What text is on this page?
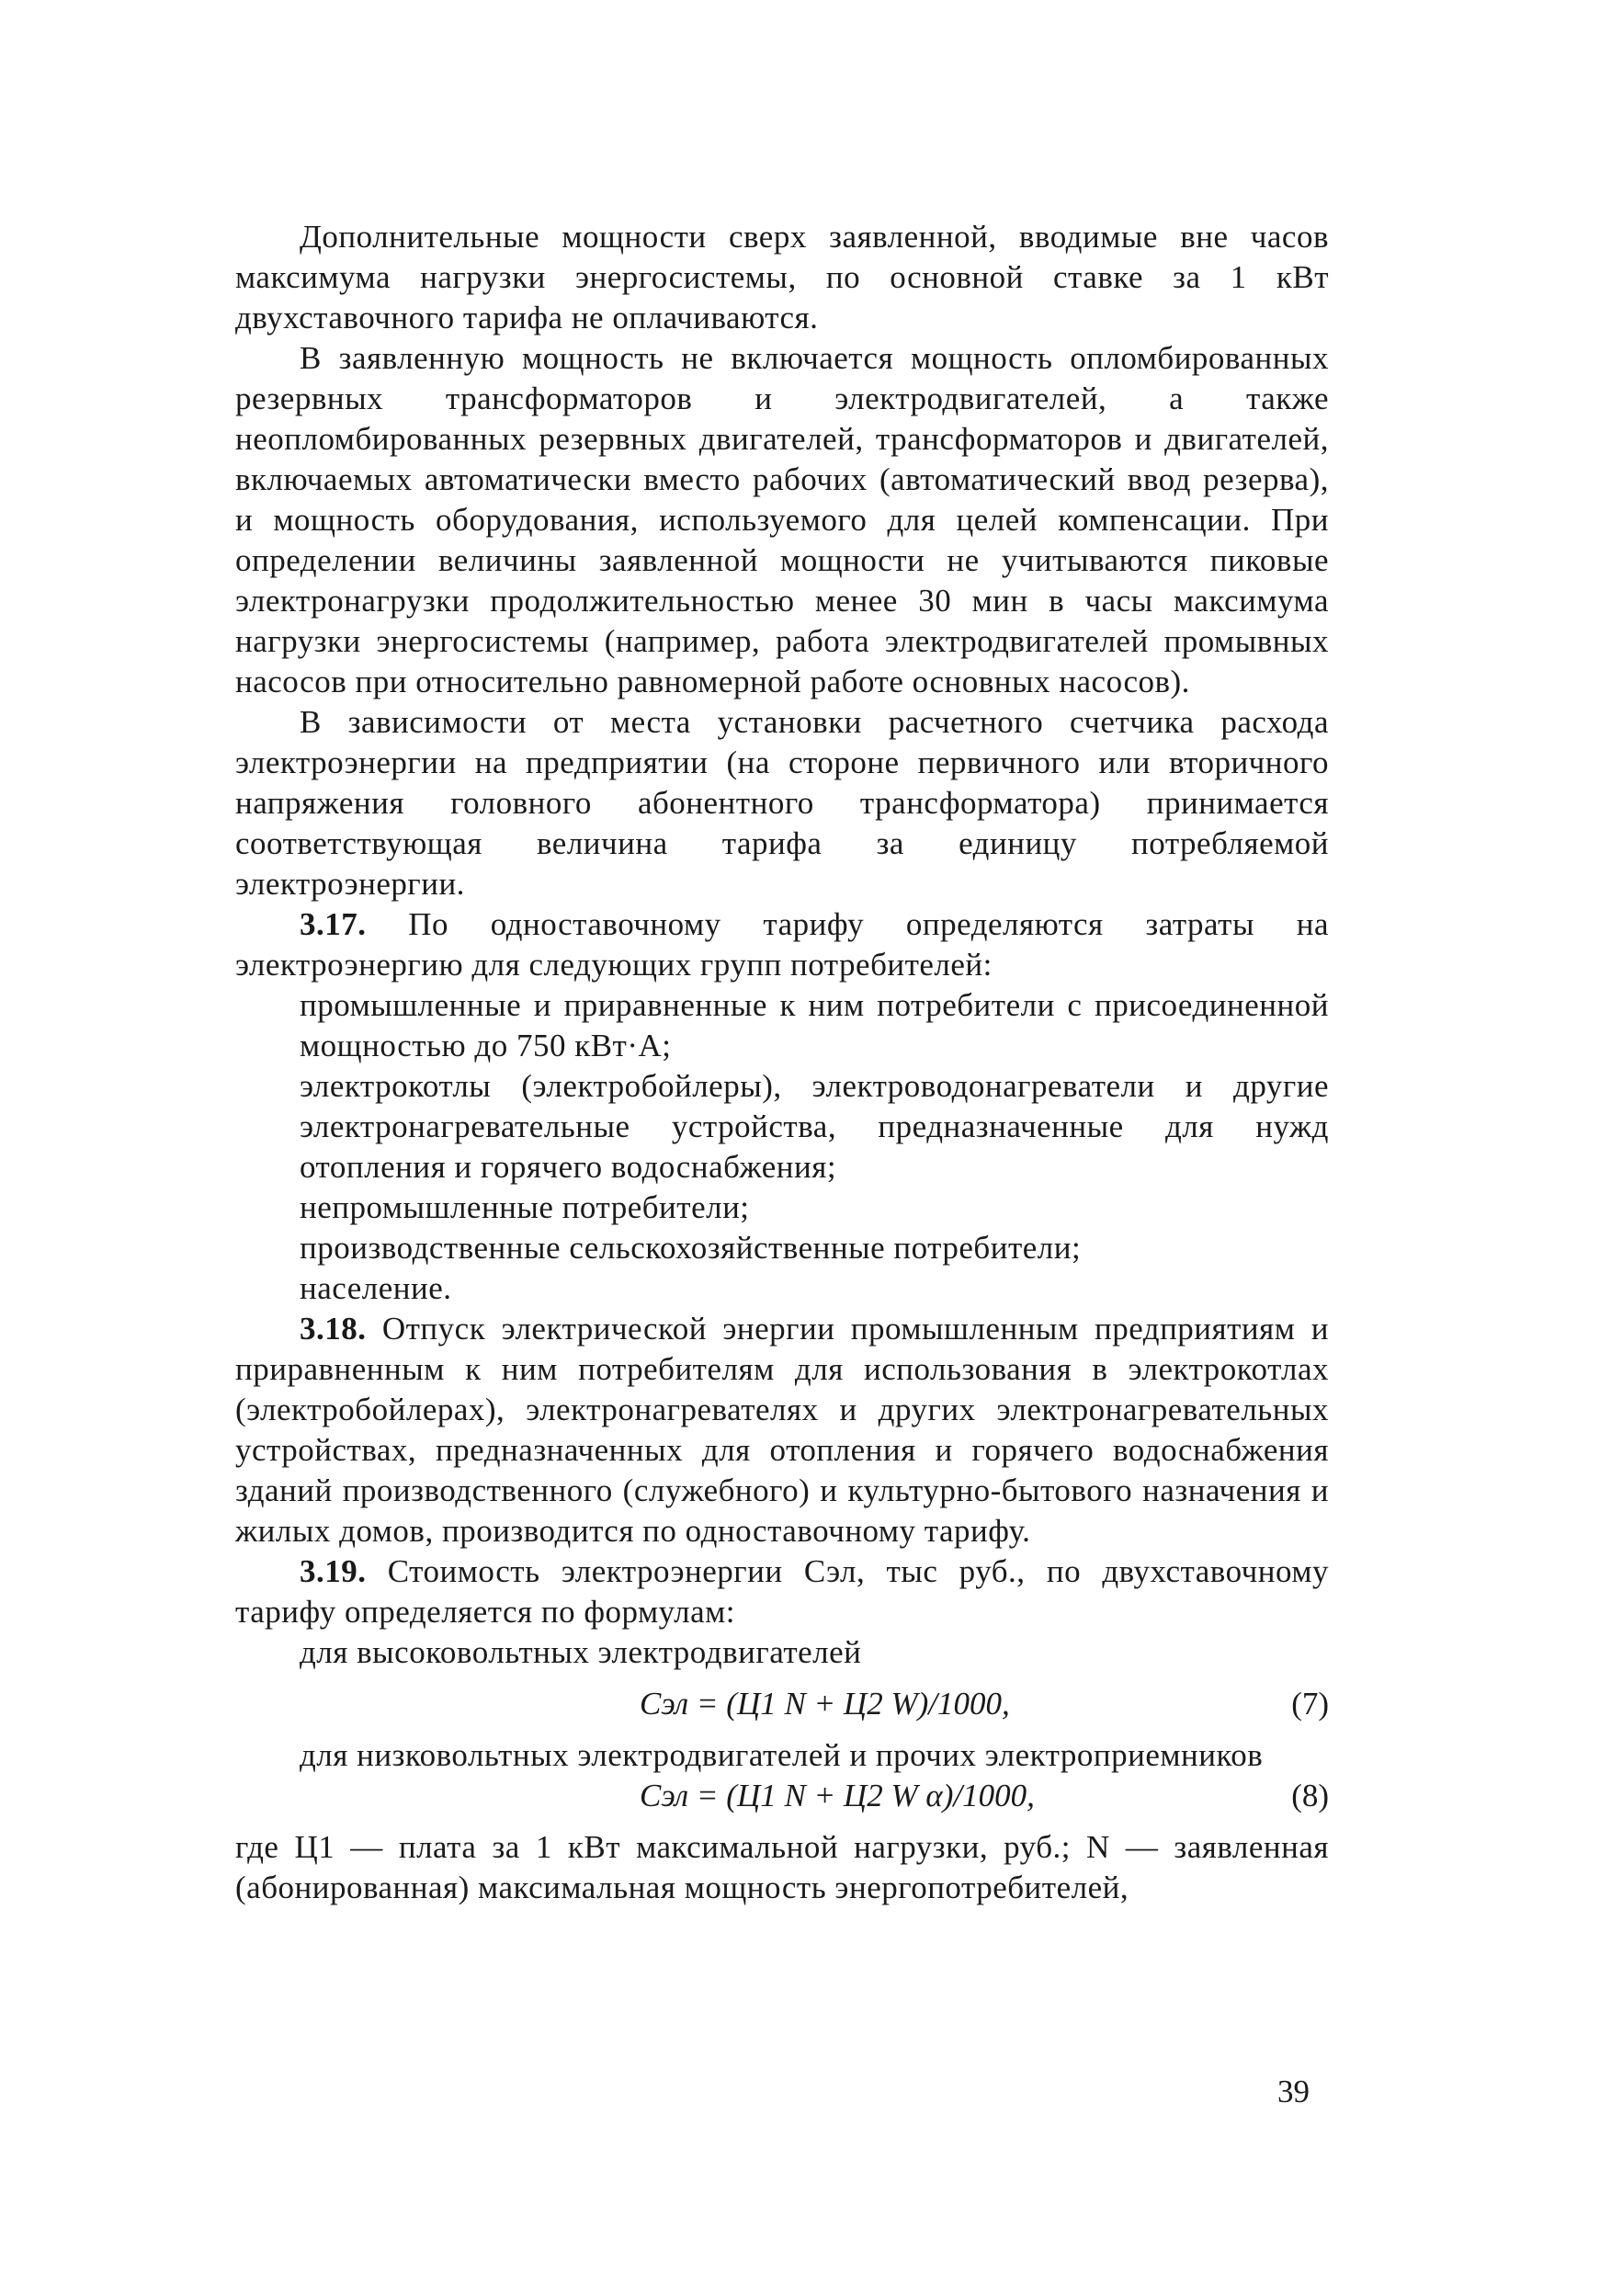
Дополнительные мощности сверх заявленной, вводимые вне часов максимума нагрузки энергосистемы, по основной ставке за 1 кВт двухставочного тарифа не оплачиваются.

В заявленную мощность не включается мощность опломбированных резервных трансформаторов и электродвигателей, а также неопломбированных резервных двигателей, трансформаторов и двигателей, включаемых автоматически вместо рабочих (автоматический ввод резерва), и мощность оборудования, используемого для целей компенсации. При определении величины заявленной мощности не учитываются пиковые электронагрузки продолжительностью менее 30 мин в часы максимума нагрузки энергосистемы (например, работа электродвигателей промывных насосов при относительно равномерной работе основных насосов).

В зависимости от места установки расчетного счетчика расхода электроэнергии на предприятии (на стороне первичного или вторичного напряжения головного абонентного трансформатора) принимается соответствующая величина тарифа за единицу потребляемой электроэнергии.

3.17. По одноставочному тарифу определяются затраты на электроэнергию для следующих групп потребителей:

промышленные и приравненные к ним потребители с присоединенной мощностью до 750 кВт·А;

электрокотлы (электробойлеры), электроводонагреватели и другие электронагревательные устройства, предназначенные для нужд отопления и горячего водоснабжения;

непромышленные потребители;

производственные сельскохозяйственные потребители;

население.

3.18. Отпуск электрической энергии промышленным предприятиям и приравненным к ним потребителям для использования в электрокотлах (электробойлерах), электронагревателях и других электронагревательных устройствах, предназначенных для отопления и горячего водоснабжения зданий производственного (служебного) и культурно-бытового назначения и жилых домов, производится по одноставочному тарифу.

3.19. Стоимость электроэнергии Сэл, тыс руб., по двухставочному тарифу определяется по формулам:

для высоковольтных электродвигателей

Cэл = (Ц1 N + Ц2 W)/1000,	(7)

для низковольтных электродвигателей и прочих электроприемников

Cэл = (Ц1 N + Ц2 W α)/1000,	(8)

где Ц1 — плата за 1 кВт максимальной нагрузки, руб.; N — заявленная (абонированная) максимальная мощность энергопотребителей,

39
